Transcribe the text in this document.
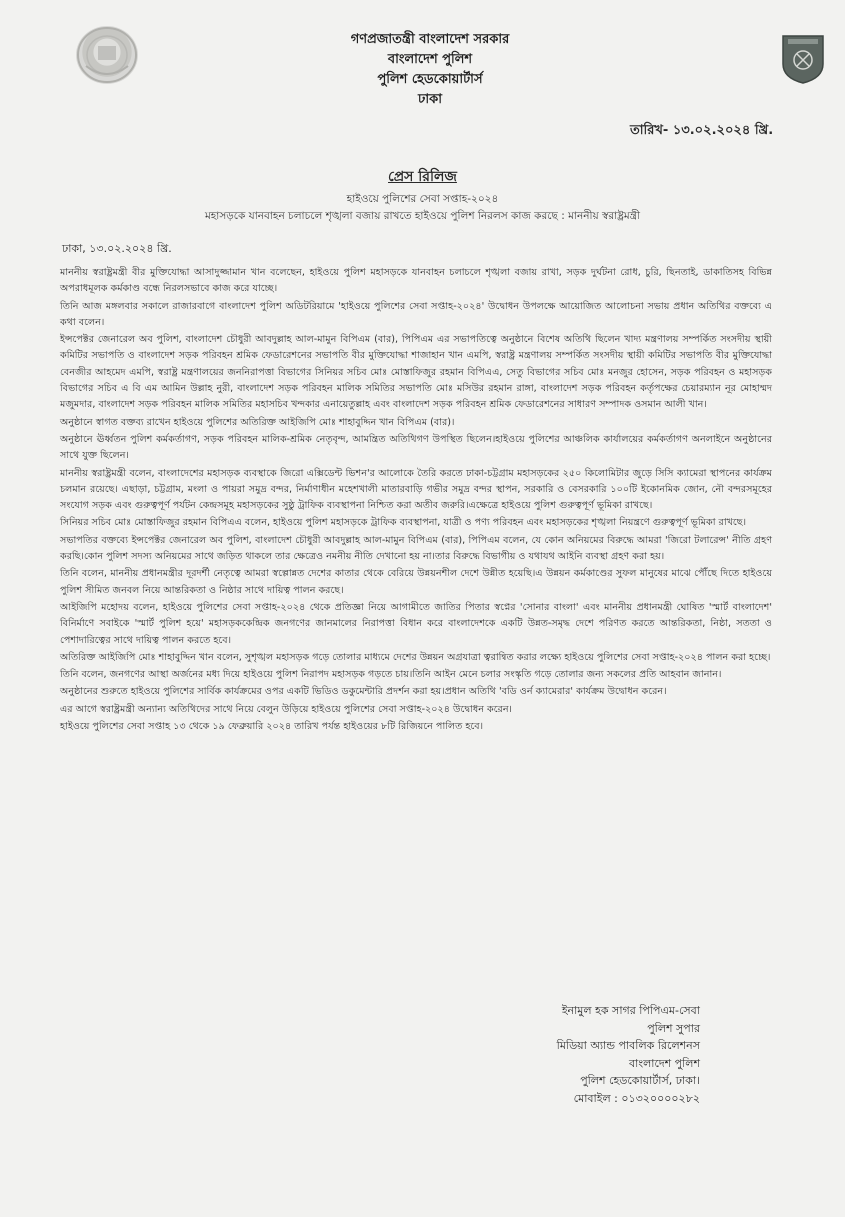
গণপ্রজাতন্ত্রী বাংলাদেশ সরকার
বাংলাদেশ পুলিশ
পুলিশ হেডকোয়ার্টার্স
ঢাকা
তারিখ- ১৩.০২.২০২৪ খ্রি.
প্রেস রিলিজ
হাইওয়ে পুলিশের সেবা সপ্তাহ-২০২৪
মহাসড়কে যানবাহন চলাচলে শৃঙ্খলা বজায় রাখতে হাইওয়ে পুলিশ নিরলস কাজ করছে : মাননীয় স্বরাষ্ট্রমন্ত্রী
ঢাকা, ১৩.০২.২০২৪ খ্রি.

মাননীয় স্বরাষ্ট্রমন্ত্রী বীর মুক্তিযোদ্ধা আসাদুজ্জামান খান বলেছেন, হাইওয়ে পুলিশ মহাসড়কে যানবাহন চলাচলে শৃঙ্খলা বজায় রাখা, সড়ক দুর্ঘটনা রোধ, চুরি, ছিনতাই, ডাকাতিসহ বিভিন্ন অপরাধমূলক কর্মকাণ্ড বন্ধে নিরলসভাবে কাজ করে যাচ্ছে।

তিনি আজ মঙ্গলবার সকালে রাজারবাগে বাংলাদেশ পুলিশ অডিটরিয়ামে 'হাইওয়ে পুলিশের সেবা সপ্তাহ-২০২৪' উদ্বোধন উপলক্ষে আয়োজিত আলোচনা সভায় প্রধান অতিথির বক্তব্যে এ কথা বলেন।

ইন্সপেক্টর জেনারেল অব পুলিশ, বাংলাদেশ চৌধুরী আবদুল্লাহ আল-মামুন বিপিএম (বার), পিপিএম এর সভাপতিত্বে অনুষ্ঠানে বিশেষ অতিথি ছিলেন খাদ্য মন্ত্রণালয় সম্পর্কিত সংসদীয় স্থায়ী কমিটির সভাপতি ও বাংলাদেশ সড়ক পরিবহন শ্রমিক ফেডারেশনের সভাপতি বীর মুক্তিযোদ্ধা শাজাহান খান এমপি, স্বরাষ্ট্র মন্ত্রণালয় সম্পর্কিত সংসদীয় স্থায়ী কমিটির সভাপতি বীর মুক্তিযোদ্ধা বেনজীর আহমেদ এমপি, স্বরাষ্ট্র মন্ত্রণালয়ের জননিরাপত্তা বিভাগের সিনিয়র সচিব মোঃ মোস্তাফিজুর রহমান বিপিএএ, সেতু বিভাগের সচিব মোঃ মনজুর হোসেন, সড়ক পরিবহন ও মহাসড়ক বিভাগের সচিব এ বি এম আমিন উল্লাহ নুরী, বাংলাদেশ সড়ক পরিবহন মালিক সমিতির সভাপতি মোঃ মসিউর রহমান রাঙ্গা, বাংলাদেশ সড়ক পরিবহন কর্তৃপক্ষের চেয়ারম্যান নূর মোহাম্মদ মজুমদার, বাংলাদেশ সড়ক পরিবহন মালিক সমিতির মহাসচিব খন্দকার এনায়েতুল্লাহ এবং বাংলাদেশ সড়ক পরিবহন শ্রমিক ফেডারেশনের সাধারণ সম্পাদক ওসমান আলী খান।

অনুষ্ঠানে স্বাগত বক্তব্য রাখেন হাইওয়ে পুলিশের অতিরিক্ত আইজিপি মোঃ শাহাবুদ্দিন খান বিপিএম (বার)।

অনুষ্ঠানে ঊর্ধ্বতন পুলিশ কর্মকর্তাগণ, সড়ক পরিবহন মালিক-শ্রমিক নেতৃবৃন্দ, আমন্ত্রিত অতিথিগণ উপস্থিত ছিলেন।হাইওয়ে পুলিশের আঞ্চলিক কার্যালয়ের কর্মকর্তাগণ অনলাইনে অনুষ্ঠানের সাথে যুক্ত ছিলেন।

মাননীয় স্বরাষ্ট্রমন্ত্রী বলেন, বাংলাদেশের মহাসড়ক ব্যবস্থাকে জিরো এক্সিডেন্ট ভিশন'র আলোকে তৈরি করতে ঢাকা-চট্টগ্রাম মহাসড়কের ২৫০ কিলোমিটার জুড়ে সিসি ক্যামেরা স্থাপনের কার্যক্রম চলমান রয়েছে। এছাড়া, চট্টগ্রাম, মংলা ও পায়রা সমুদ্র বন্দর, নির্মাণাধীন মহেশখালী মাতারবাড়ি গভীর সমুদ্র বন্দর স্থাপন, সরকারি ও বেসরকারি ১০০টি ইকোনমিক জোন, নৌ বন্দরসমূহের সংযোগ সড়ক এবং গুরুত্বপূর্ণ পর্যটন কেন্দ্রসমূহ মহাসড়কের সুষ্ঠু ট্রাফিক ব্যবস্থাপনা নিশ্চিত করা অতীব জরুরি।এক্ষেত্রে হাইওয়ে পুলিশ গুরুত্বপূর্ণ ভূমিকা রাখছে।

সিনিয়র সচিব মোঃ মোস্তাফিজুর রহমান বিপিএএ বলেন, হাইওয়ে পুলিশ মহাসড়কে ট্রাফিক ব্যবস্থাপনা, যাত্রী ও পণ্য পরিবহন এবং মহাসড়কের শৃঙ্খলা নিয়ন্ত্রণে গুরুত্বপূর্ণ ভূমিকা রাখছে।

সভাপতির বক্তব্যে ইন্সপেক্টর জেনারেল অব পুলিশ, বাংলাদেশ চৌধুরী আবদুল্লাহ আল-মামুন বিপিএম (বার), পিপিএম বলেন, যে কোন অনিয়মের বিরুদ্ধে আমরা 'জিরো টলারেন্স' নীতি গ্রহণ করছি।কোন পুলিশ সদস্য অনিয়মের সাথে জড়িত থাকলে তার ক্ষেত্রেও নমনীয় নীতি দেখানো হয় না।তার বিরুদ্ধে বিভাগীয় ও যথাযথ আইনি ব্যবস্থা গ্রহণ করা হয়।

তিনি বলেন, মাননীয় প্রধানমন্ত্রীর দূরদর্শী নেতৃত্বে আমরা স্বল্পোন্নত দেশের কাতার থেকে বেরিয়ে উন্নয়নশীল দেশে উন্নীত হয়েছি।এ উন্নয়ন কর্মকাণ্ডের সুফল মানুষের মাঝে পৌঁছে দিতে হাইওয়ে পুলিশ সীমিত জনবল নিয়ে আন্তরিকতা ও নিষ্ঠার সাথে দায়িত্ব পালন করছে।

আইজিপি মহোদয় বলেন, হাইওয়ে পুলিশের সেবা সপ্তাহ-২০২৪ থেকে প্রতিজ্ঞা নিয়ে আগামীতে জাতির পিতার স্বপ্নের 'সোনার বাংলা' এবং মাননীয় প্রধানমন্ত্রী ঘোষিত 'স্মার্ট বাংলাদেশ' বিনির্মাণে সবাইকে 'স্মার্ট পুলিশ হয়ে' মহাসড়ককেন্দ্রিক জনগণের জানমালের নিরাপত্তা বিধান করে বাংলাদেশকে একটি উন্নত-সমৃদ্ধ দেশে পরিণত করতে আন্তরিকতা, নিষ্ঠা, সততা ও পেশাদারিত্বের সাথে দায়িত্ব পালন করতে হবে।

অতিরিক্ত আইজিপি মোঃ শাহাবুদ্দিন খান বলেন, সুশৃঙ্খল মহাসড়ক গড়ে তোলার মাধ্যমে দেশের উন্নয়ন অগ্রযাত্রা ত্বরান্বিত করার লক্ষ্যে হাইওয়ে পুলিশের সেবা সপ্তাহ-২০২৪ পালন করা হচ্ছে।

তিনি বলেন, জনগণের আস্থা অর্জনের মধ্য দিয়ে হাইওয়ে পুলিশ নিরাপদ মহাসড়ক গড়তে চায়।তিনি আইন মেনে চলার সংস্কৃতি গড়ে তোলার জন্য সকলের প্রতি আহবান জানান।

অনুষ্ঠানের শুরুতে হাইওয়ে পুলিশের সার্বিক কার্যক্রমের ওপর একটি ভিডিও ডকুমেন্টারি প্রদর্শন করা হয়।প্রধান অতিথি 'বডি ওর্ন ক্যামেরার' কার্যক্রম উদ্বোধন করেন।

এর আগে স্বরাষ্ট্রমন্ত্রী অন্যান্য অতিথিদের সাথে নিয়ে বেলুন উড়িয়ে হাইওয়ে পুলিশের সেবা সপ্তাহ-২০২৪ উদ্বোধন করেন।

হাইওয়ে পুলিশের সেবা সপ্তাহ ১৩ থেকে ১৯ ফেব্রুয়ারি ২০২৪ তারিখ পর্যন্ত হাইওয়ের ৮টি রিজিয়নে পালিত হবে।

ইনামুল হক সাগর পিপিএম-সেবা
পুলিশ সুপার
মিডিয়া অ্যান্ড পাবলিক রিলেশনস
বাংলাদেশ পুলিশ
পুলিশ হেডকোয়ার্টার্স, ঢাকা।
মোবাইল : ০১৩২০০০০২৮২
